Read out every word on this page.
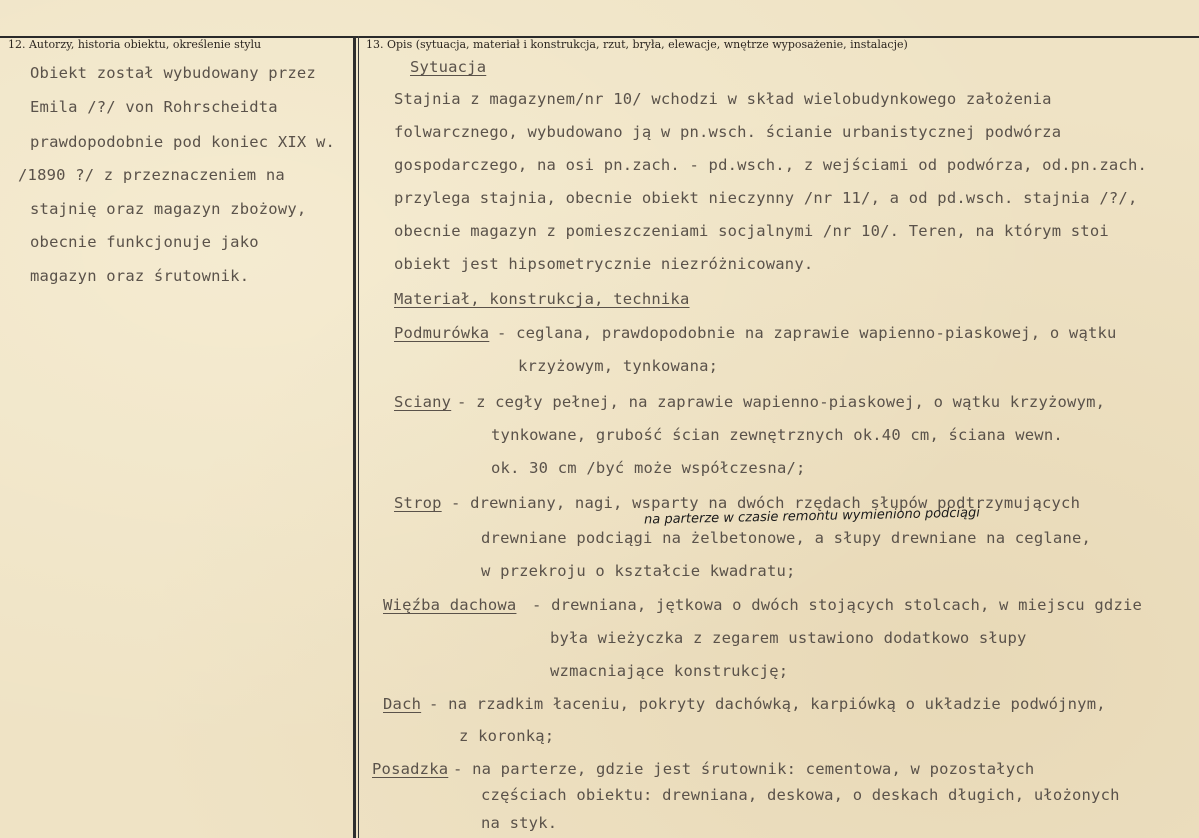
12. Autorzy, historia obiektu, określenie stylu	13. Opis (sytuacja, materiał i konstrukcja, rzut, bryła, elewacje, wnętrze wyposażenie, instalacje)
Obiekt został wybudowany przez
Emila /?/ von Rohrscheidta
prawdopodobnie pod koniec XIX w.
/1890 ?/ z przeznaczeniem na
stajnię oraz magazyn zbożowy,
obecnie funkcjonuje jako
magazyn oraz śrutownik.
Sytuacja
Stajnia z magazynem/nr 10/ wchodzi w skład wielobudynkowego założenia
folwarcznego, wybudowano ją w pn.wsch. ścianie urbanistycznej podwórza
gospodarczego, na osi pn.zach. - pd.wsch., z wejściami od podwórza, od.pn.zach.
przylega stajnia, obecnie obiekt nieczynny /nr 11/, a od pd.wsch. stajnia /?/,
obecnie magazyn z pomieszczeniami socjalnymi /nr 10/. Teren, na którym stoi
obiekt jest hipsometrycznie niezróżnicowany.
Materiał, konstrukcja, technika
Podmurówka - ceglana, prawdopodobnie na zaprawie wapienno-piaskowej, o wątku
krzyżowym, tynkowana;
Sciany - z cegły pełnej, na zaprawie wapienno-piaskowej, o wątku krzyżowym,
tynkowane, grubość ścian zewnętrznych ok.40 cm, ściana wewn.
ok. 30 cm /być może współczesna/;
Strop - drewniany, nagi, wsparty na dwóch rzędach słupów podtrzymujących
na parterze w czasie remontu wymieniono podciągi
drewniane podciągi na żelbetonowe, a słupy drewniane na ceglane,
w przekroju o kształcie kwadratu;
Więźba dachowa - drewniana, jętkowa o dwóch stojących stolcach, w miejscu gdzie
była wieżyczka z zegarem ustawiono dodatkowo słupy
wzmacniające konstrukcję;
Dach - na rzadkim łaceniu, pokryty dachówką, karpiówką o układzie podwójnym,
z koronką;
Posadzka - na parterze, gdzie jest śrutownik: cementowa, w pozostałych
częściach obiektu: drewniana, deskowa, o deskach długich, ułożonych
na styk.
